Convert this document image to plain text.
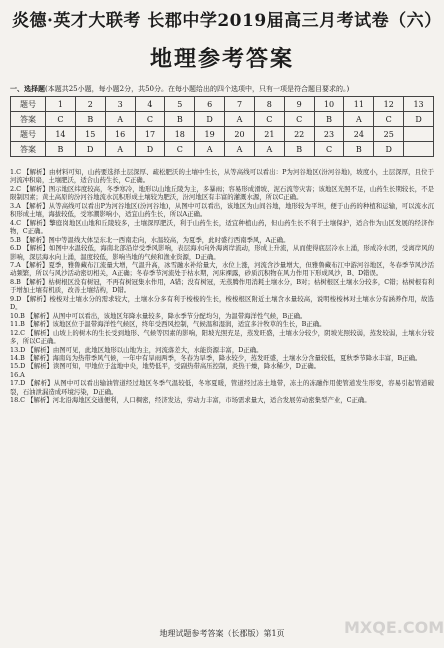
炎德·英才大联考 长郡中学2019届高三月考试卷（六）
地理参考答案
一、选择题(本题共25小题，每小题2分，共50分。在每小题给出的四个选项中，只有一项是符合题目要求的。)
题号	1	2	3	4	5	6	7	8	9	10	11	12	13
答案	C	B	A	C	B	D	A	C	C	B	A	C	D
题号	14	15	16	17	18	19	20	21	22	23	24	25	
答案	B	D	A	D	C	A	A	A	B	C	B	D	

1.C 【解析】由材料可知，山药要选择土层深厚、疏松肥沃的土壤中生长，从等高线可以看出：P为河谷地区(汾河谷地)，坡度小，土层深厚，且位于河流冲积扇，土壤肥沃，适合山药生长，C正确。

2.C 【解析】图示地区纬度较高，冬季寒冷，地形以山地丘陵为主，多暴雨；容易形成滑坡、泥石流等灾害；该地区光照不足，山药生长期较长，不是限制因素；黄土高原的汾河谷地流水沉积形成土壤较为肥沃，汾河地区有丰富的灌溉水源，所以C正确。

3.A 【解析】从等高线可以看出P为河谷地区(汾河谷地)，从图中可以看出，该地区为山间谷地，地形较为平坦，便于山药的种植和运输，可以流水沉积形成土壤，海拔较低，受寒潮影响小，适宜山药生长，所以A正确。

4.C 【解析】擎庭岗地区山地和丘陵较多，土壤深厚肥沃，利于山药生长，适宜种植山药，但山药生长不利于土壤保护，适合作为山区发展的经济作物，C正确。

5.B 【解析】图中等温线大体呈东北一西南走向，水温较高，为夏季，此时盛行西南季风，A正确。

6.D 【解析】如图中水温较低，海南北部沿岸受季风影响，表层海水向外海离岸流动，形成上升流，从而使得底层冷水上涌，形成冷水团，受离岸风的影响，深层海水向上涌，温度较低，影响当地的气候和渔业资源，D正确。

7.A 【解析】夏季，雅鲁藏布江流量大增，气温升高，冰雪融水补给量大，水位上涨，河流含沙量增大，但雅鲁藏布江中游河谷地区，冬春季节风沙活动频繁，所以与风沙活动密切相关，A正确；冬春季节河流处于枯水期，河床裸露，砂质沉积物在风力作用下形成风沙，B、D错误。

8.B 【解析】枯树根区没有树冠，不再有树冠集水作用，A错；没有树冠，无蒸腾作用消耗土壤水分，B对；枯树根区土壤水分较多，C错；枯树根有利于增加土壤有机质，改善土壤结构，D错。

9.D 【解析】梭梭对土壤水分的需求较大，土壤水分多有利于梭梭的生长，梭梭根区附近土壤含水量较高，说明梭梭林对土壤水分有涵养作用，故选D。

10.B 【解析】从图中可以看出，该地区年降水量较多，降水季节分配均匀，为温带海洋性气候，B正确。

11.B 【解析】该地区位于温带海洋性气候区，终年受西风控制，气候温和湿润，适宜多汁牧草的生长，B正确。

12.C 【解析】山坡上的树木的生长受到地形、气候等因素的影响，阳坡光照充足，蒸发旺盛，土壤水分较少，阴坡光照较弱，蒸发较弱，土壤水分较多，所以C正确。

13.D 【解析】由图可见，此地区地形以山地为主，河流落差大，水能资源丰富，D正确。

14.B 【解析】海南岛为热带季风气候，一年中有旱雨两季，冬春为旱季，降水较少，蒸发旺盛，土壤水分含量较低，夏秋季节降水丰富，B正确。

15.D 【解析】读图可知，甲地位于盆地中央，地势低平，受副热带高压控制，炎热干燥，降水稀少，D正确。

16.A

17.D 【解析】从图中可以看出输油管道经过地区冬季气温较低，冬寒夏暖，管道经过冻土地带，冻土的冻融作用使管道发生形变，容易引起管道破裂，石油泄漏造成环境污染，D正确。

18.C 【解析】河北沿海地区交通便利，人口稠密，经济发达，劳动力丰富，市场需求量大，适合发展劳动密集型产业，C正确。

地理试题参考答案（长郡版）第1页	MXQE.COM
